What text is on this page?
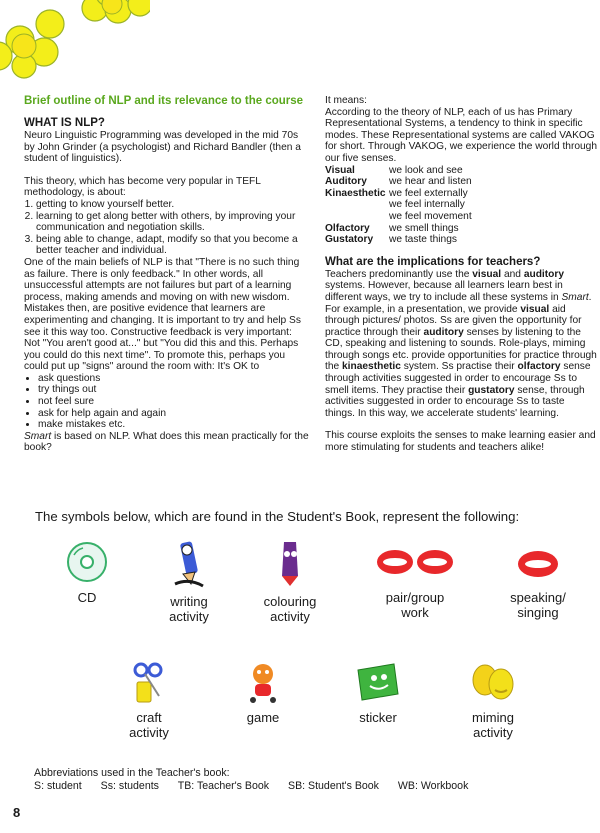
Brief outline of NLP and its relevance to the course
WHAT IS NLP?

Neuro Linguistic Programming was developed in the mid 70s by John Grinder (a psychologist) and Richard Bandler (then a student of linguistics).

This theory, which has become very popular in TEFL methodology, is about:

1. getting to know yourself better.
2. learning to get along better with others, by improving your communication and negotiation skills.
3. being able to change, adapt, modify so that you become a better teacher and individual.

One of the main beliefs of NLP is that "There is no such thing as failure. There is only feedback." In other words, all unsuccessful attempts are not failures but part of a learning process, making amends and moving on with new wisdom. Mistakes then, are positive evidence that learners are experimenting and changing. It is important to try and help Ss see it this way too. Constructive feedback is very important: Not "You aren't good at..." but "You did this and this. Perhaps you could do this next time". To promote this, perhaps you could put up "signs" around the room with: It's OK to

• ask questions
• try things out
• not feel sure
• ask for help again and again
• make mistakes etc.

Smart is based on NLP. What does this mean practically for the book?

It means:

According to the theory of NLP, each of us has Primary Representational Systems, a tendency to think in specific modes. These Representational systems are called VAKOG for short. Through VAKOG, we experience the world through our five senses.

Visual	we look and see
Auditory	we hear and listen
Kinaesthetic we feel externally
we feel internally
we feel movement
Olfactory	we smell things
Gustatory	we taste things
What are the implications for teachers?

Teachers predominantly use the visual and auditory systems. However, because all learners learn best in different ways, we try to include all these systems in Smart. For example, in a presentation, we provide visual aid through pictures/ photos. Ss are given the opportunity for practice through their auditory senses by listening to the CD, speaking and listening to sounds. Role-plays, miming through songs etc. provide opportunities for practice through the kinaesthetic system. Ss practise their olfactory sense through activities suggested in order to encourage Ss to smell items. They practise their gustatory sense, through activities suggested in order to encourage Ss to taste things. In this way, we accelerate students' learning.

This course exploits the senses to make learning easier and more stimulating for students and teachers alike!

The symbols below, which are found in the Student's Book, represent the following:
CD	writing
activity
colouring
activity
pair/group
work
speaking/
singing
craft
activity
game	sticker	miming
activity
Abbreviations used in the Teacher's book:
S: student Ss: students TB: Teacher's Book SB: Student's Book WB: Workbook
8
